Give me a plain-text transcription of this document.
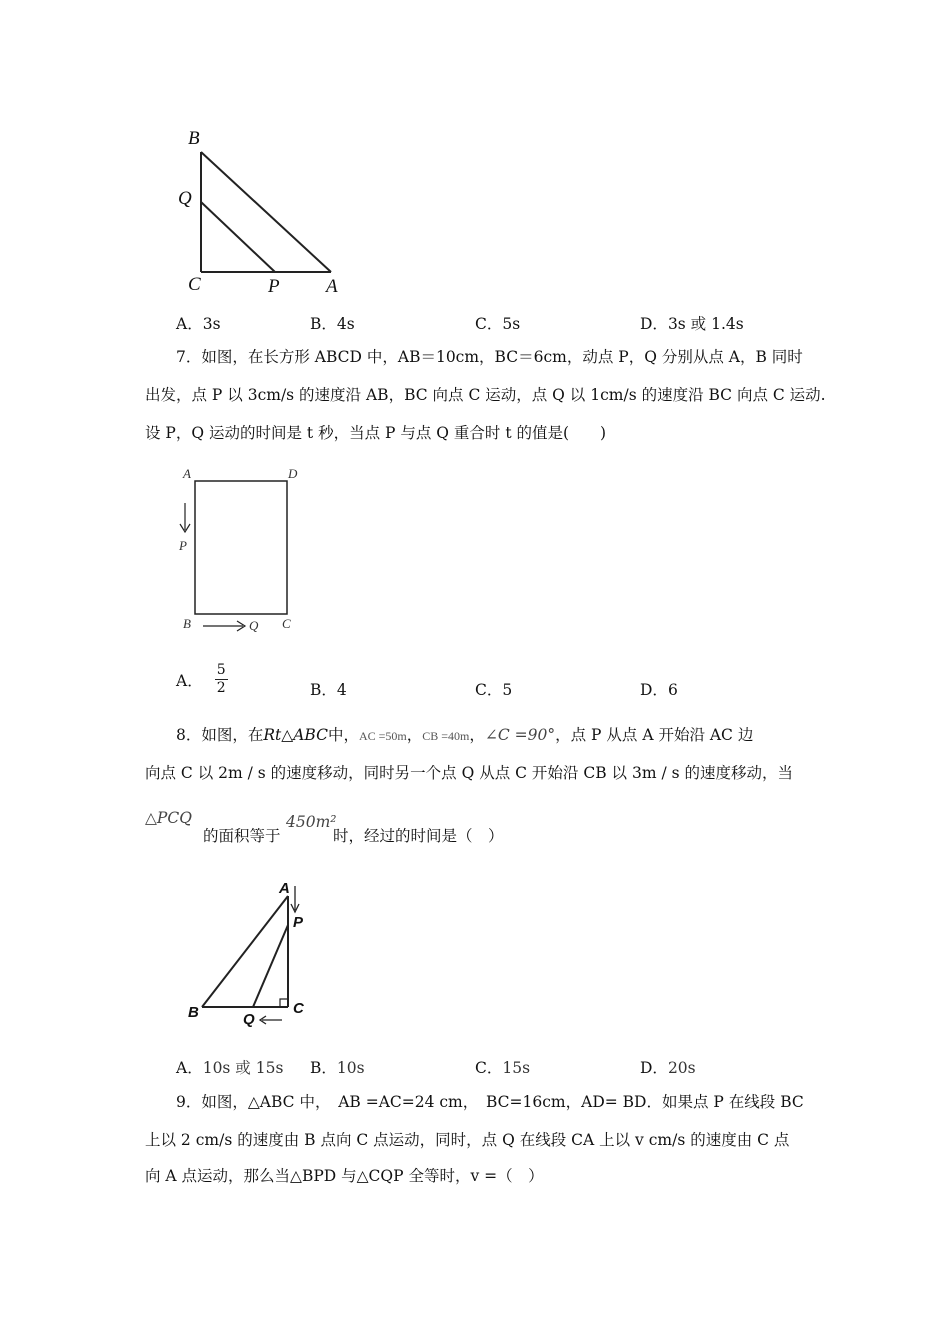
B
Q
C	P A
A．3s	B．4s	C．5s	D．3s 或 1.4s
7．如图，在长方形 ABCD 中，AB＝10cm，BC＝6cm，动点 P，Q 分别从点 A，B 同时
出发，点 P 以 3cm/s 的速度沿 AB，BC 向点 C 运动，点 Q 以 1cm/s 的速度沿 BC 向点 C 运动.
设 P，Q 运动的时间是 t 秒，当点 P 与点 Q 重合时 t 的值是(　　)
A	D
P
B	Q C
A． $\frac{5}{2}$	B．4	C．5	D．6
8．如图，在Rt△ABC中，AC =50m，CB =40m，∠C =90°，点 P 从点 A 开始沿 AC 边
向点 C 以 2m / s 的速度移动，同时另一个点 Q 从点 C 开始沿 CB 以 3m / s 的速度移动，当
△PCQ
的面积等于
450m²
时，经过的时间是（　）
A
P
B	Q
C
A．10s 或 15s B．10s	C．15s	D．20s
9．如图，△ABC 中，　AB =AC=24 cm，　BC=16cm，AD= BD．如果点 P 在线段 BC
上以 2 cm/s 的速度由 B 点向 C 点运动，同时，点 Q 在线段 CA 上以 v cm/s 的速度由 C 点
向 A 点运动，那么当△BPD 与△CQP 全等时，v =（　）
